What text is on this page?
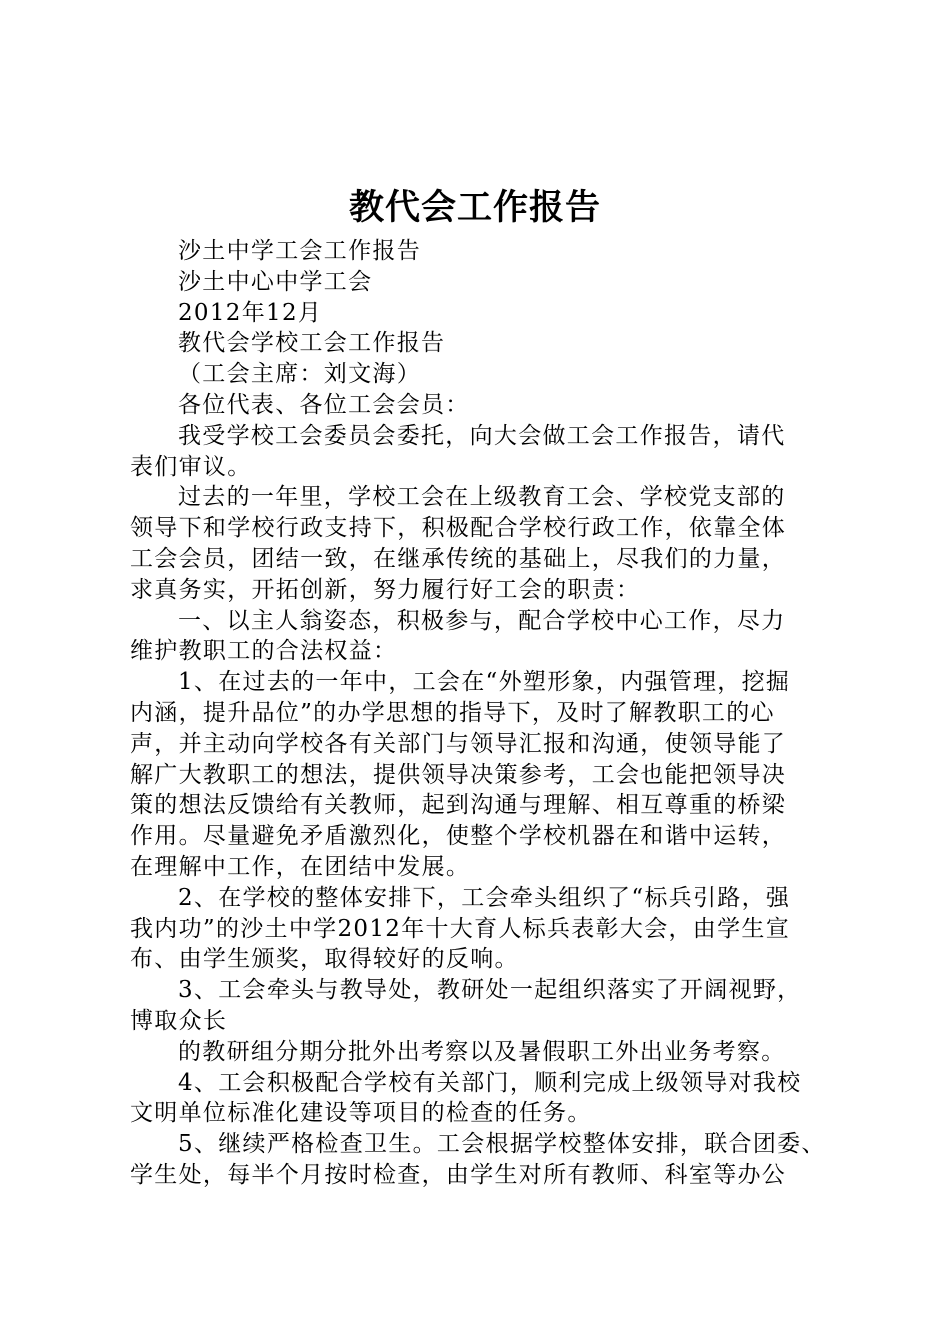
教代会工作报告
沙土中学工会工作报告
沙土中心中学工会
2012年12月
教代会学校工会工作报告
（工会主席：刘文海）
各位代表、各位工会会员：
我受学校工会委员会委托，向大会做工会工作报告，请代
表们审议。
过去的一年里，学校工会在上级教育工会、学校党支部的
领导下和学校行政支持下，积极配合学校行政工作，依靠全体
工会会员，团结一致，在继承传统的基础上，尽我们的力量，
求真务实，开拓创新，努力履行好工会的职责：
一、以主人翁姿态，积极参与，配合学校中心工作，尽力
维护教职工的合法权益：
1、在过去的一年中，工会在“外塑形象，内强管理，挖掘
内涵，提升品位”的办学思想的指导下，及时了解教职工的心
声，并主动向学校各有关部门与领导汇报和沟通，使领导能了
解广大教职工的想法，提供领导决策参考，工会也能把领导决
策的想法反馈给有关教师，起到沟通与理解、相互尊重的桥梁
作用。尽量避免矛盾激烈化，使整个学校机器在和谐中运转，
在理解中工作，在团结中发展。
2、在学校的整体安排下，工会牵头组织了“标兵引路，强
我内功”的沙土中学2012年十大育人标兵表彰大会，由学生宣
布、由学生颁奖，取得较好的反响。
3、工会牵头与教导处，教研处一起组织落实了开阔视野，
博取众长
的教研组分期分批外出考察以及暑假职工外出业务考察。
4、工会积极配合学校有关部门，顺利完成上级领导对我校
文明单位标准化建设等项目的检查的任务。
5、继续严格检查卫生。工会根据学校整体安排，联合团委、
学生处，每半个月按时检查，由学生对所有教师、科室等办公
